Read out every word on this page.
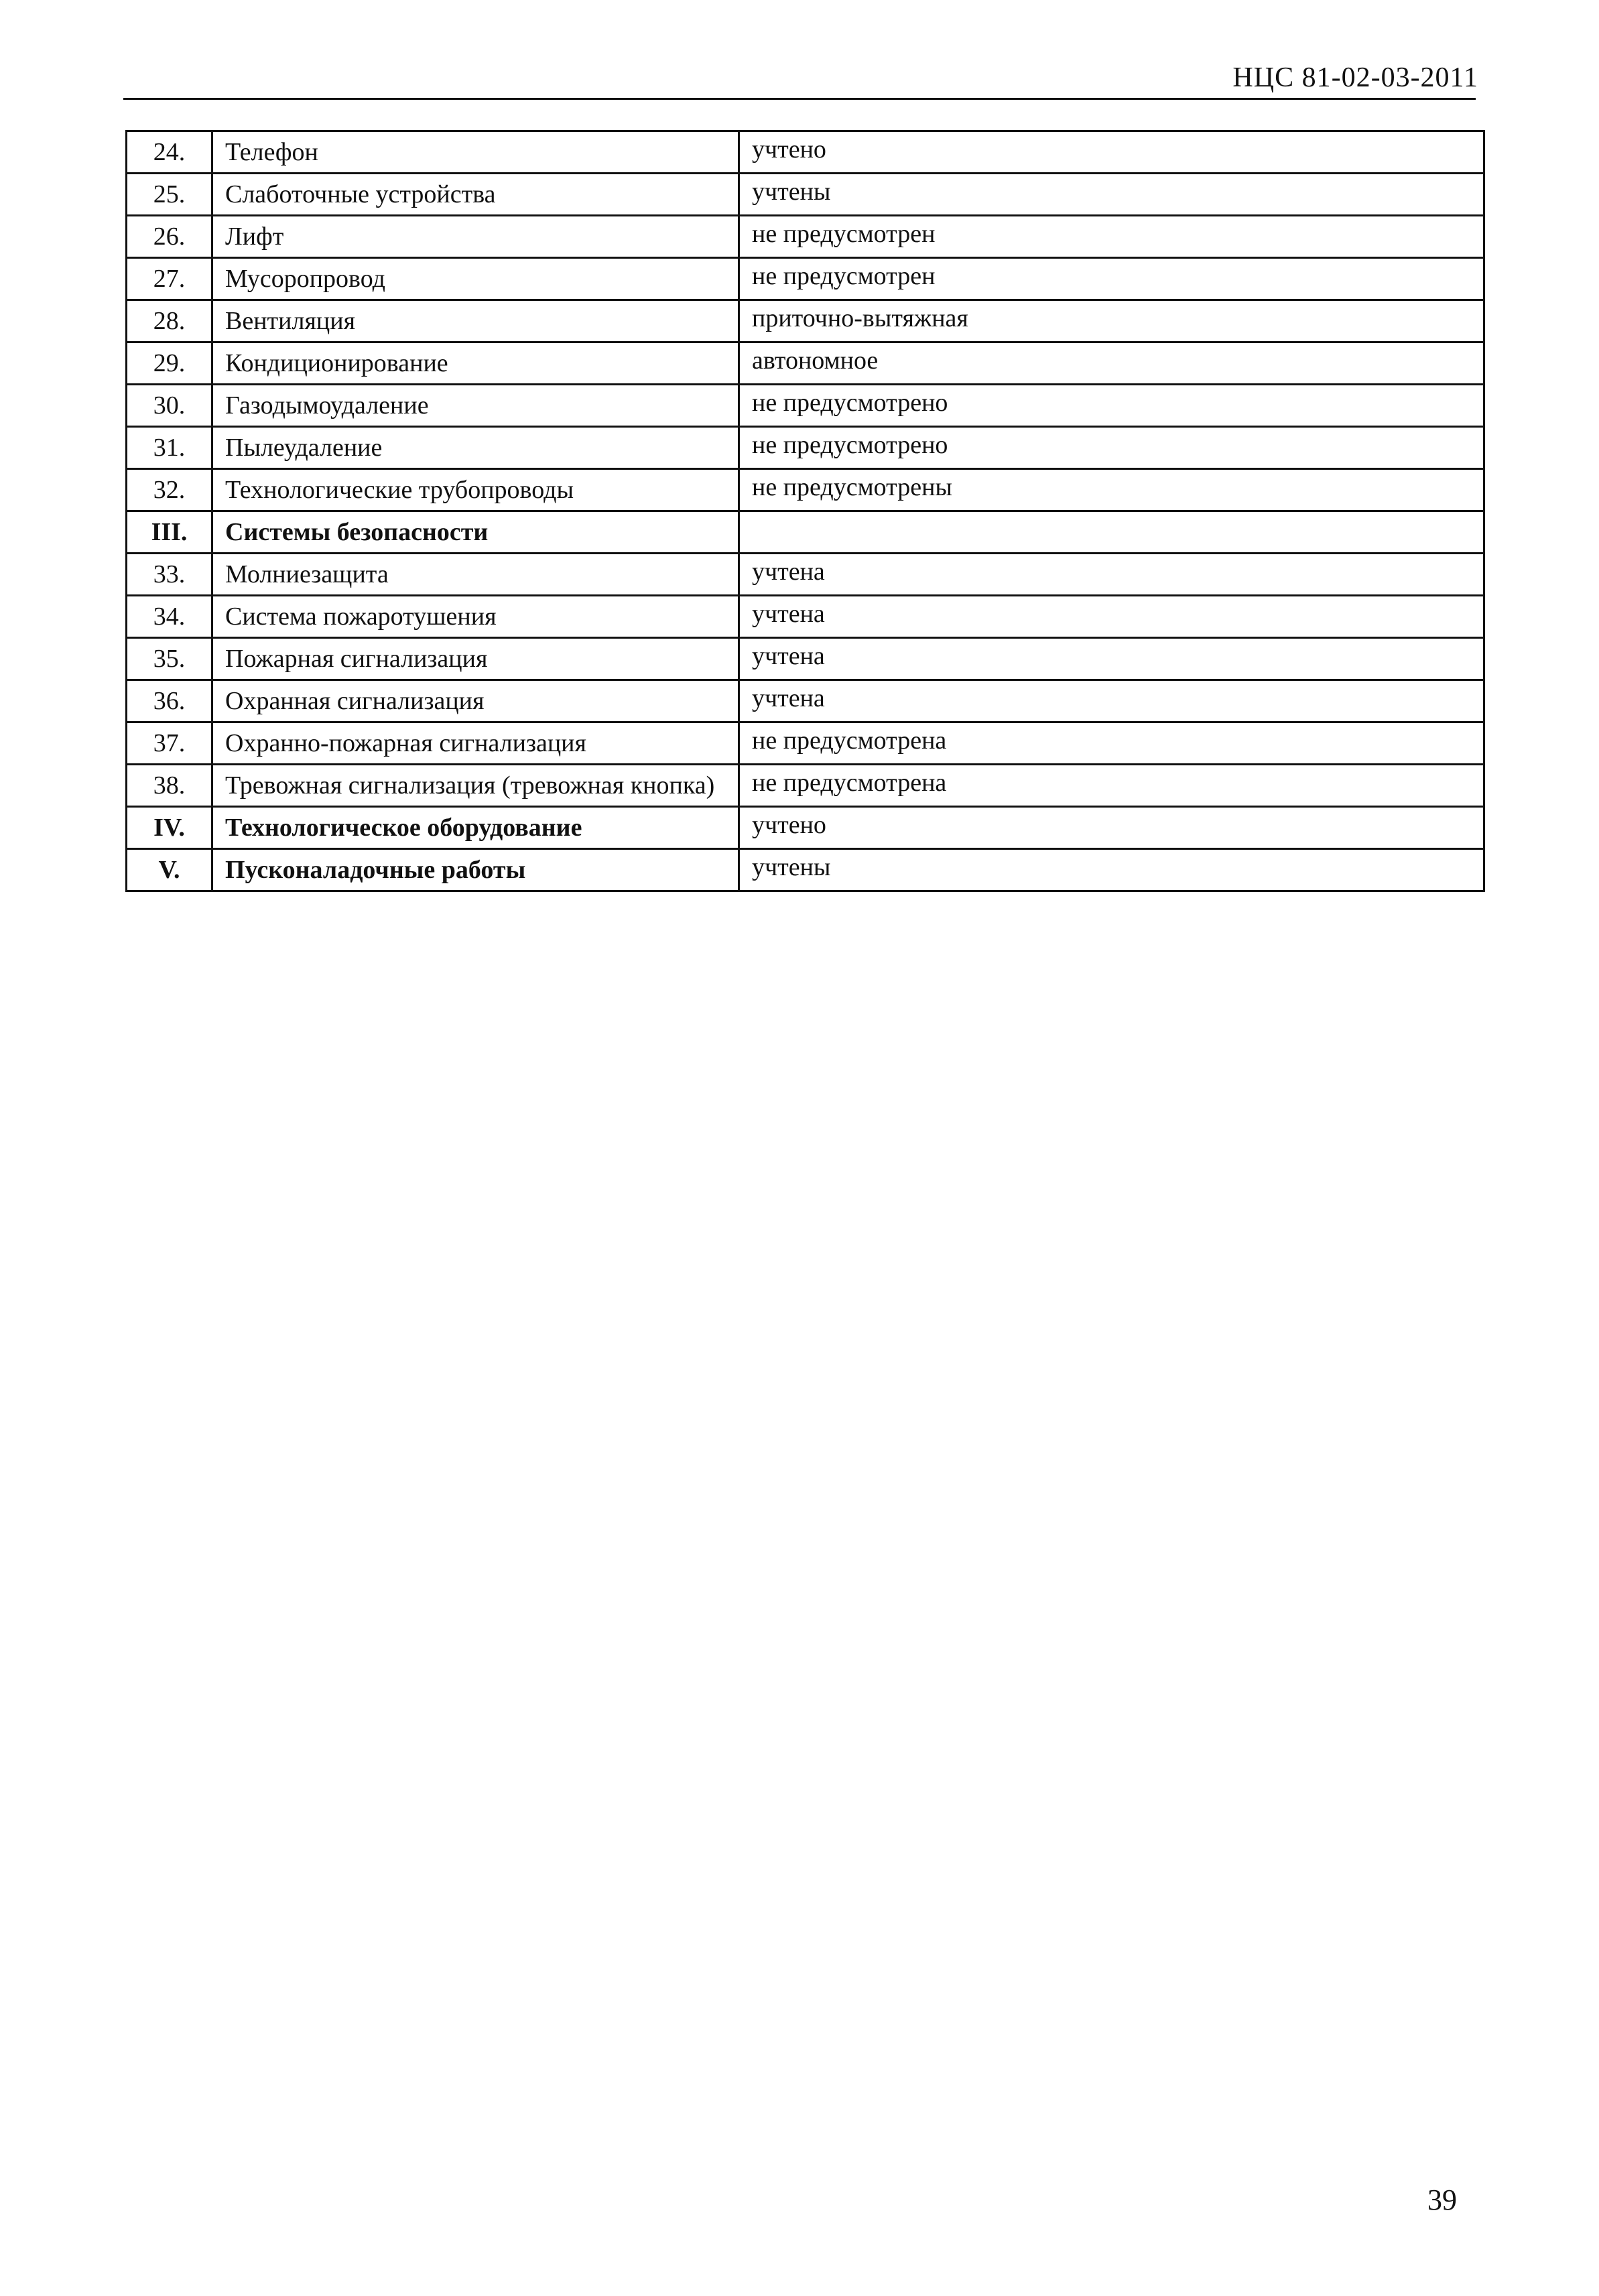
НЦС 81-02-03-2011
24.	Телефон	учтено
25.	Слаботочные устройства	учтены
26.	Лифт	не предусмотрен
27.	Мусоропровод	не предусмотрен
28.	Вентиляция	приточно-вытяжная
29.	Кондиционирование	автономное
30.	Газодымоудаление	не предусмотрено
31.	Пылеудаление	не предусмотрено
32.	Технологические трубопроводы	не предусмотрены
III.	Системы безопасности	
33.	Молниезащита	учтена
34.	Система пожаротушения	учтена
35.	Пожарная сигнализация	учтена
36.	Охранная сигнализация	учтена
37.	Охранно-пожарная сигнализация	не предусмотрена
38.	Тревожная сигнализация (тревожная кнопка)	не предусмотрена
IV.	Технологическое оборудование	учтено
V.	Пусконаладочные работы	учтены
39
